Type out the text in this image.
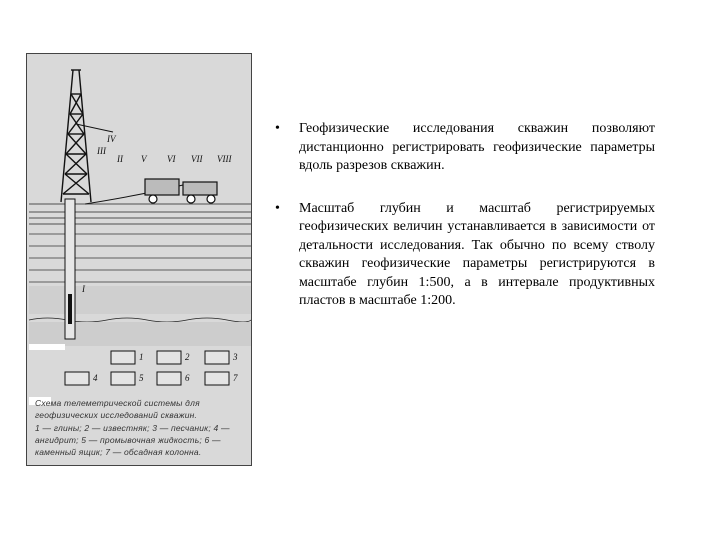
IV
III
II V VI VII VIII
I
1	2	3
4	5	6	7
Схема телеметрической системы для геофизических исследований скважин.
1 — глины; 2 — известняк; 3 — песчаник; 4 — ангидрит; 5 — промывочная жидкость; 6 — каменный ящик; 7 — обсадная колонна.
• Геофизические исследования скважин позволяют дистанционно регистрировать геофизические параметры вдоль разрезов скважин.
• Масштаб глубин и масштаб регистрируемых геофизических величин устанавливается в зависимости от детальности исследования. Так обычно по всему стволу скважин геофизические параметры регистрируются в масштабе глубин 1:500, а в интервале продуктивных пластов в масштабе 1:200.
